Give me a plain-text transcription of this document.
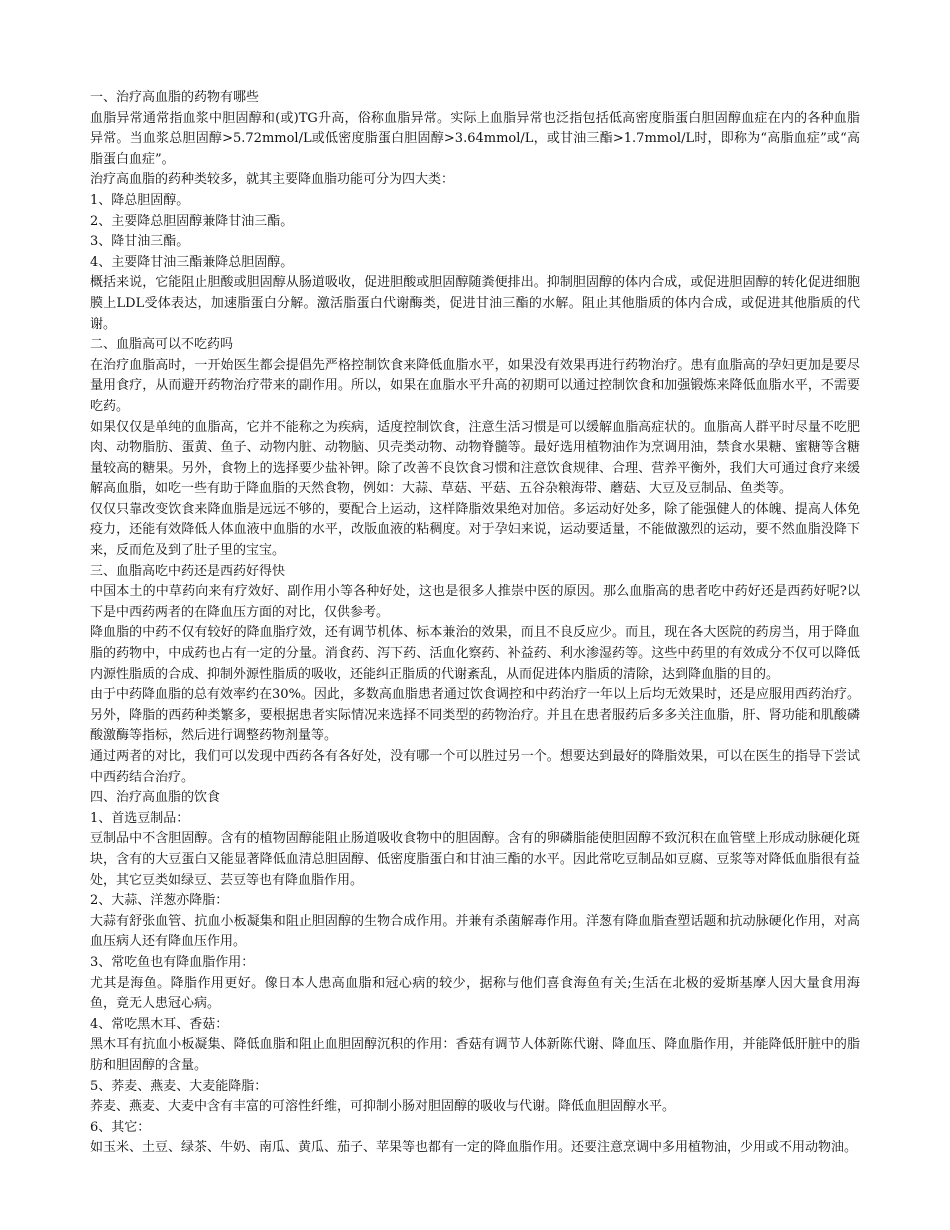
一、治疗高血脂的药物有哪些

血脂异常通常指血浆中胆固醇和(或)TG升高，俗称血脂异常。实际上血脂异常也泛指包括低高密度脂蛋白胆固醇血症在内的各种血脂异常。当血浆总胆固醇>5.72mmol/L或低密度脂蛋白胆固醇>3.64mmol/L，或甘油三酯>1.7mmol/L时，即称为“高脂血症”或“高脂蛋白血症”。

治疗高血脂的药种类较多，就其主要降血脂功能可分为四大类：

1、降总胆固醇。

2、主要降总胆固醇兼降甘油三酯。

3、降甘油三酯。

4、主要降甘油三酯兼降总胆固醇。

概括来说，它能阻止胆酸或胆固醇从肠道吸收，促进胆酸或胆固醇随粪便排出。抑制胆固醇的体内合成，或促进胆固醇的转化促进细胞膜上LDL受体表达，加速脂蛋白分解。激活脂蛋白代谢酶类，促进甘油三酯的水解。阻止其他脂质的体内合成，或促进其他脂质的代谢。

二、血脂高可以不吃药吗

在治疗血脂高时，一开始医生都会提倡先严格控制饮食来降低血脂水平，如果没有效果再进行药物治疗。患有血脂高的孕妇更加是要尽量用食疗，从而避开药物治疗带来的副作用。所以，如果在血脂水平升高的初期可以通过控制饮食和加强锻炼来降低血脂水平，不需要吃药。

如果仅仅是单纯的血脂高，它并不能称之为疾病，适度控制饮食，注意生活习惯是可以缓解血脂高症状的。血脂高人群平时尽量不吃肥肉、动物脂肪、蛋黄、鱼子、动物内脏、动物脑、贝壳类动物、动物脊髓等。最好选用植物油作为烹调用油，禁食水果糖、蜜糖等含糖量较高的糖果。另外，食物上的选择要少盐补钾。除了改善不良饮食习惯和注意饮食规律、合理、营养平衡外，我们大可通过食疗来缓解高血脂，如吃一些有助于降血脂的天然食物，例如：大蒜、草菇、平菇、五谷杂粮海带、蘑菇、大豆及豆制品、鱼类等。

仅仅只靠改变饮食来降血脂是远远不够的，要配合上运动，这样降脂效果绝对加倍。多运动好处多，除了能强健人的体魄、提高人体免疫力，还能有效降低人体血液中血脂的水平，改版血液的粘稠度。对于孕妇来说，运动要适量，不能做激烈的运动，要不然血脂没降下来，反而危及到了肚子里的宝宝。

三、血脂高吃中药还是西药好得快

中国本土的中草药向来有疗效好、副作用小等各种好处，这也是很多人推崇中医的原因。那么血脂高的患者吃中药好还是西药好呢?以下是中西药两者的在降血压方面的对比，仅供参考。

降血脂的中药不仅有较好的降血脂疗效，还有调节机体、标本兼治的效果，而且不良反应少。而且，现在各大医院的药房当，用于降血脂的药物中，中成药也占有一定的分量。消食药、泻下药、活血化察药、补益药、利水渗湿药等。这些中药里的有效成分不仅可以降低内源性脂质的合成、抑制外源性脂质的吸收，还能纠正脂质的代谢紊乱，从而促进体内脂质的清除，达到降血脂的目的。

由于中药降血脂的总有效率约在30%。因此，多数高血脂患者通过饮食调控和中药治疗一年以上后均无效果时，还是应服用西药治疗。另外，降脂的西药种类繁多，要根据患者实际情况来选择不同类型的药物治疗。并且在患者服药后多多关注血脂，肝、肾功能和肌酸磷酸激酶等指标，然后进行调整药物剂量等。

通过两者的对比，我们可以发现中西药各有各好处，没有哪一个可以胜过另一个。想要达到最好的降脂效果，可以在医生的指导下尝试中西药结合治疗。

四、治疗高血脂的饮食

1、首选豆制品：

豆制品中不含胆固醇。含有的植物固醇能阻止肠道吸收食物中的胆固醇。含有的卵磷脂能使胆固醇不致沉积在血管壁上形成动脉硬化斑块，含有的大豆蛋白又能显著降低血清总胆固醇、低密度脂蛋白和甘油三酯的水平。因此常吃豆制品如豆腐、豆浆等对降低血脂很有益处，其它豆类如绿豆、芸豆等也有降血脂作用。

2、大蒜、洋葱亦降脂：

大蒜有舒张血管、抗血小板凝集和阻止胆固醇的生物合成作用。并兼有杀菌解毒作用。洋葱有降血脂查塑话题和抗动脉硬化作用，对高血压病人还有降血压作用。

3、常吃鱼也有降血脂作用：

尤其是海鱼。降脂作用更好。像日本人患高血脂和冠心病的较少，据称与他们喜食海鱼有关;生活在北极的爱斯基摩人因大量食用海鱼，竟无人患冠心病。

4、常吃黑木耳、香菇：

黑木耳有抗血小板凝集、降低血脂和阻止血胆固醇沉积的作用：香菇有调节人体新陈代谢、降血压、降血脂作用，并能降低肝脏中的脂肪和胆固醇的含量。

5、荞麦、燕麦、大麦能降脂：

荞麦、燕麦、大麦中含有丰富的可溶性纤维，可抑制小肠对胆固醇的吸收与代谢。降低血胆固醇水平。

6、其它：

如玉米、土豆、绿茶、牛奶、南瓜、黄瓜、茄子、苹果等也都有一定的降血脂作用。还要注意烹调中多用植物油，少用或不用动物油。
